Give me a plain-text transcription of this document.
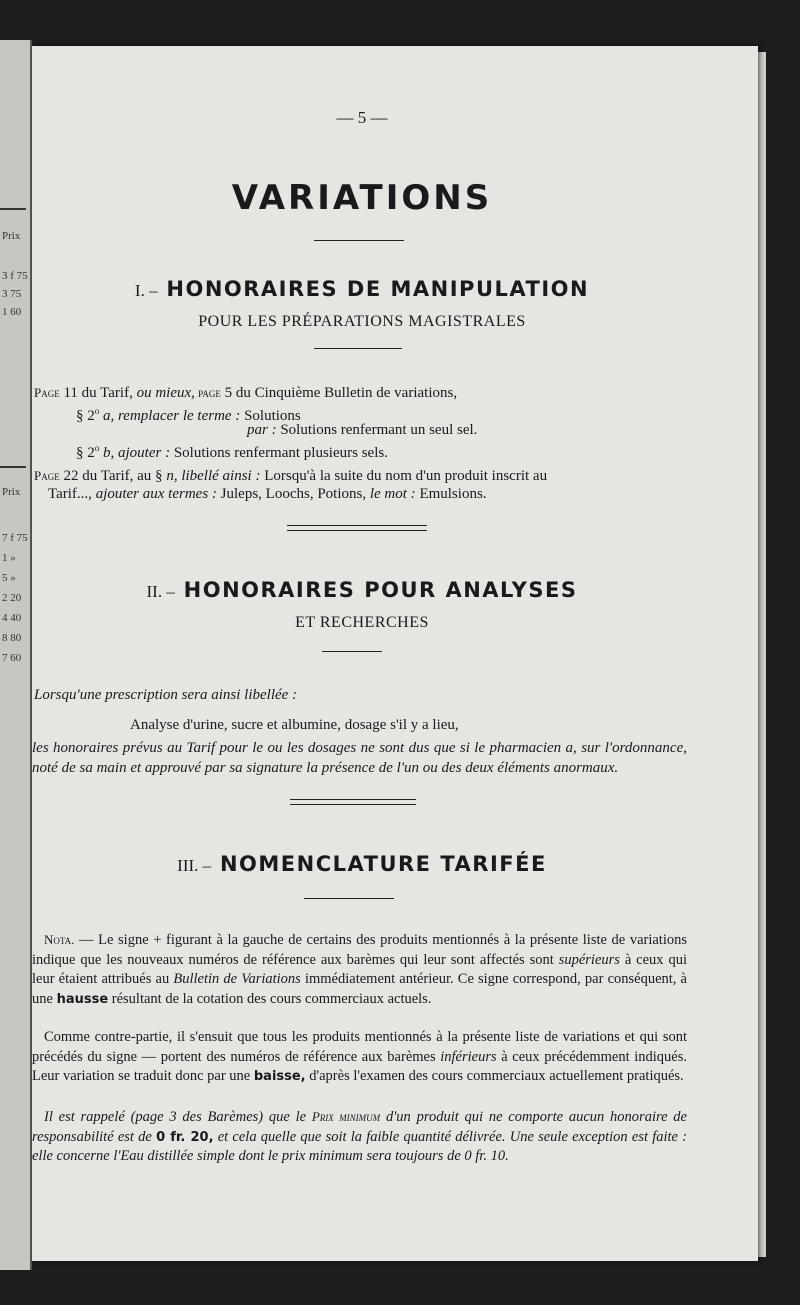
Prix
3 f 75
3 75
1 60
Prix
7 f 75
1 »
5 »
2 20
4 40
8 80
7 60
— 5 —
VARIATIONS
I. – HONORAIRES DE MANIPULATION
POUR LES PRÉPARATIONS MAGISTRALES
Page 11 du Tarif, ou mieux, page 5 du Cinquième Bulletin de variations,
§ 2$^o$ a, remplacer le terme : Solutions
par : Solutions renfermant un seul sel.
§ 2$^o$ b, ajouter : Solutions renfermant plusieurs sels.
Page 22 du Tarif, au § n, libellé ainsi : Lorsqu'à la suite du nom d'un produit inscrit au
Tarif..., ajouter aux termes : Juleps, Loochs, Potions, le mot : Emulsions.
II. – HONORAIRES POUR ANALYSES
ET RECHERCHES
Lorsqu'une prescription sera ainsi libellée :
Analyse d'urine, sucre et albumine, dosage s'il y a lieu,
les honoraires prévus au Tarif pour le ou les dosages ne sont dus que si le pharmacien a, sur l'ordonnance, noté de sa main et approuvé par sa signature la présence de l'un ou des deux éléments anormaux.
III. – NOMENCLATURE TARIFÉE
Nota. — Le signe + figurant à la gauche de certains des produits mentionnés à la présente liste de variations indique que les nouveaux numéros de référence aux barèmes qui leur sont affectés sont supérieurs à ceux qui leur étaient attribués au Bulletin de Variations immédiatement antérieur. Ce signe correspond, par conséquent, à une hausse résultant de la cotation des cours commerciaux actuels.
Comme contre-partie, il s'ensuit que tous les produits mentionnés à la présente liste de variations et qui sont précédés du signe — portent des numéros de référence aux barèmes inférieurs à ceux précédemment indiqués. Leur variation se traduit donc par une baisse, d'après l'examen des cours commerciaux actuellement pratiqués.
Il est rappelé (page 3 des Barèmes) que le Prix minimum d'un produit qui ne comporte aucun honoraire de responsabilité est de 0 fr. 20, et cela quelle que soit la faible quantité délivrée. Une seule exception est faite : elle concerne l'Eau distillée simple dont le prix minimum sera toujours de 0 fr. 10.
